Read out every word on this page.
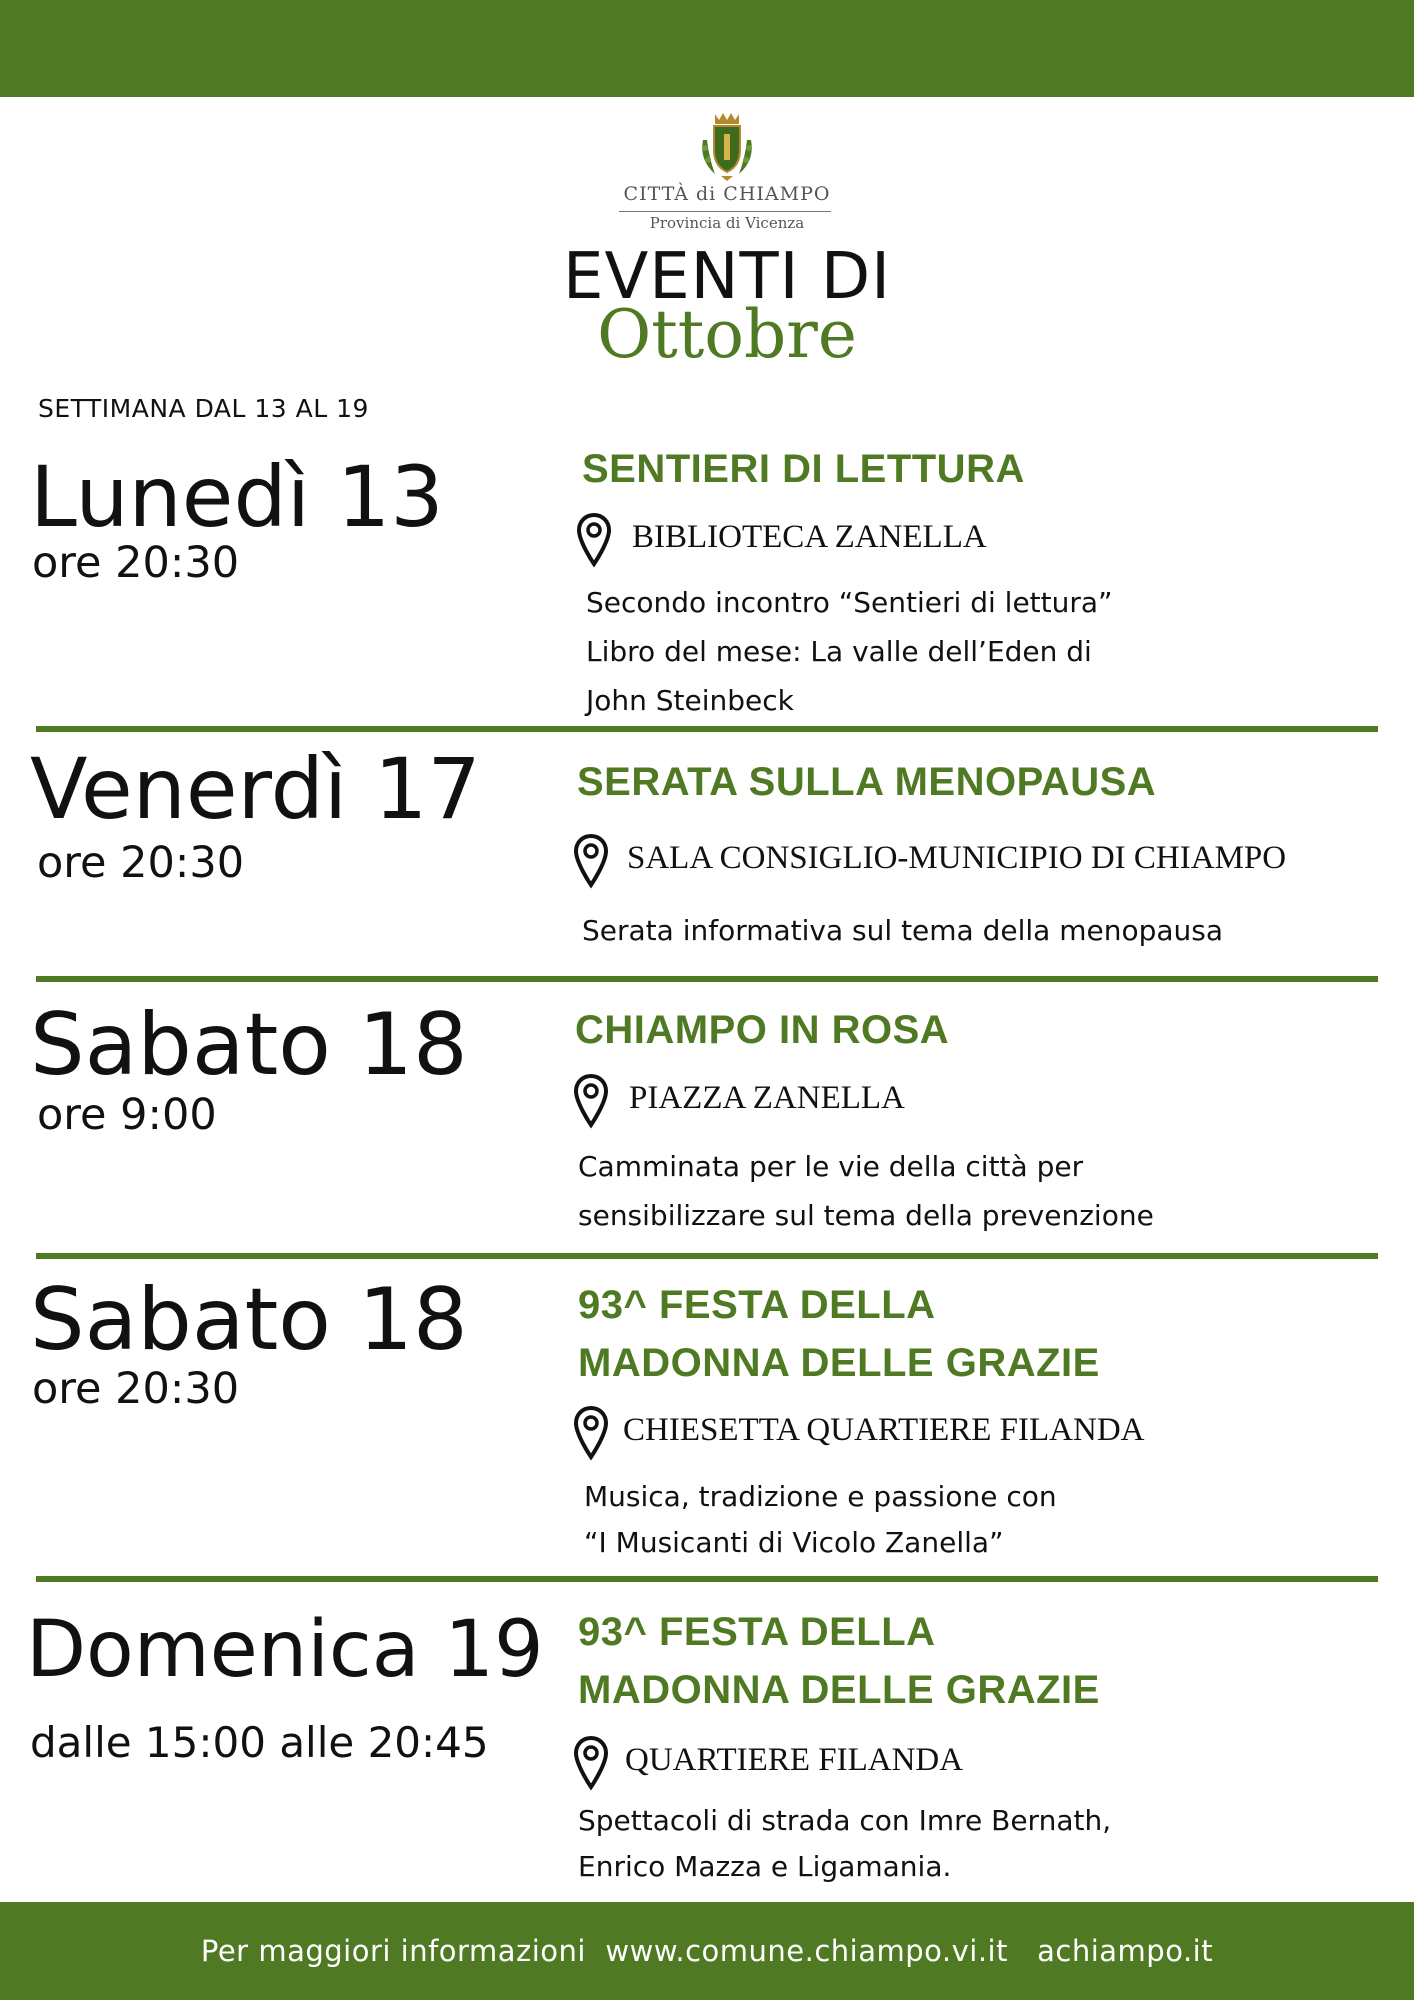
CITTÀ di CHIAMPO
Provincia di Vicenza
EVENTI DI
Ottobre
SETTIMANA DAL 13 AL 19
Lunedì 13
ore 20:30
SENTIERI DI LETTURA
BIBLIOTECA ZANELLA
Secondo incontro “Sentieri di lettura”
Libro del mese: La valle dell’Eden di
John Steinbeck
Venerdì 17
ore 20:30
SERATA SULLA MENOPAUSA
SALA CONSIGLIO-MUNICIPIO DI CHIAMPO
Serata informativa sul tema della menopausa
Sabato 18
ore 9:00
CHIAMPO IN ROSA
PIAZZA ZANELLA
Camminata per le vie della città per
sensibilizzare sul tema della prevenzione
Sabato 18
ore 20:30
93^ FESTA DELLA
MADONNA DELLE GRAZIE
CHIESETTA QUARTIERE FILANDA
Musica, tradizione e passione con
“I Musicanti di Vicolo Zanella”
Domenica 19
dalle 15:00 alle 20:45
93^ FESTA DELLA
MADONNA DELLE GRAZIE
QUARTIERE FILANDA
Spettacoli di strada con Imre Bernath,
Enrico Mazza e Ligamania.
Per maggiori informazioni  www.comune.chiampo.vi.it   achiampo.it
